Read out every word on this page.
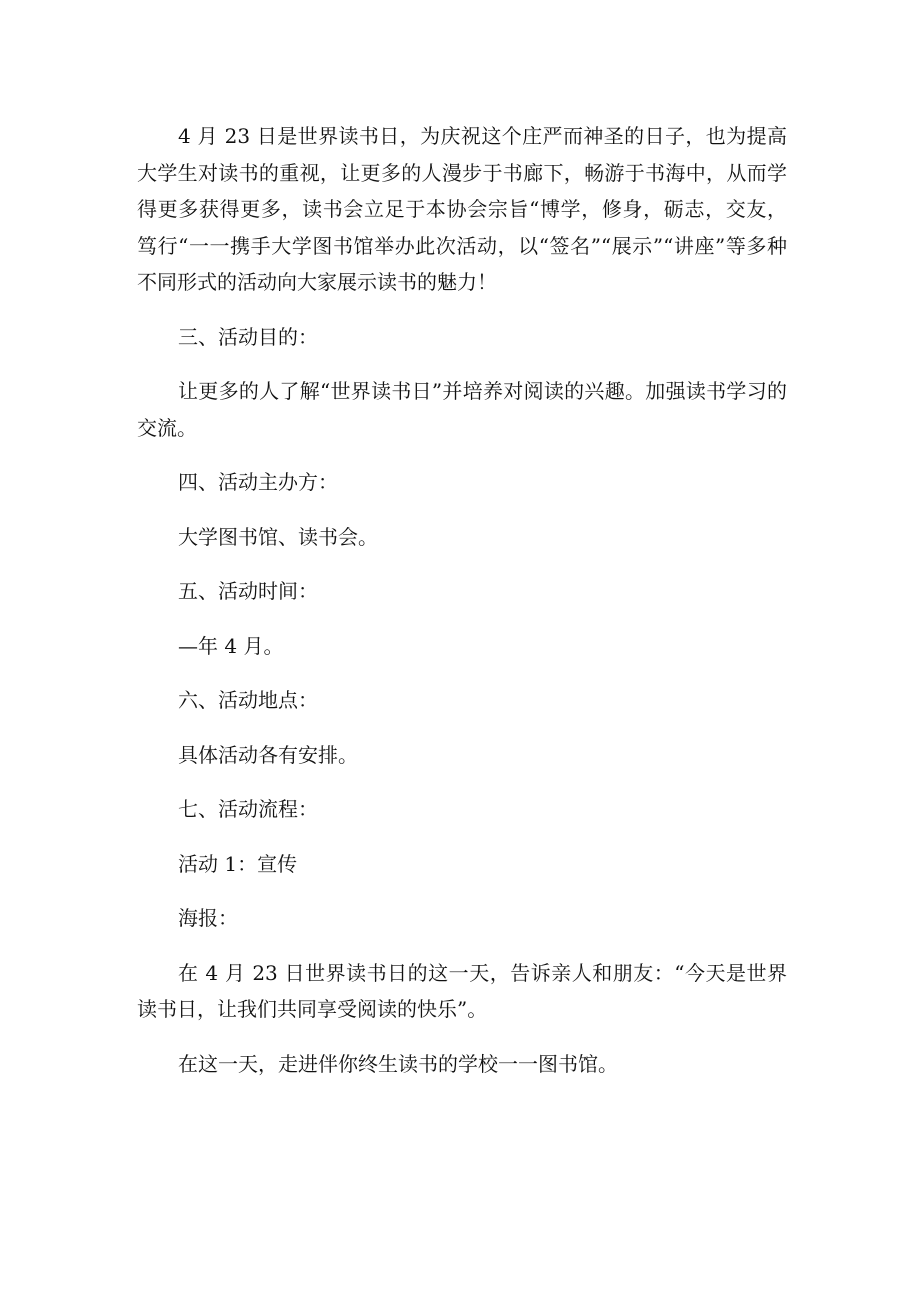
4 月 23 日是世界读书日，为庆祝这个庄严而神圣的日子，也为提高大学生对读书的重视，让更多的人漫步于书廊下，畅游于书海中，从而学得更多获得更多，读书会立足于本协会宗旨“博学，修身，砺志，交友，笃行“一一携手大学图书馆举办此次活动，以“签名”“展示”“讲座”等多种不同形式的活动向大家展示读书的魅力！

三、活动目的：

让更多的人了解“世界读书日”并培养对阅读的兴趣。加强读书学习的交流。

四、活动主办方：

大学图书馆、读书会。

五、活动时间：

—年 4 月。

六、活动地点：

具体活动各有安排。

七、活动流程：

活动 1：宣传

海报：

在 4 月 23 日世界读书日的这一天，告诉亲人和朋友：“今天是世界读书日，让我们共同享受阅读的快乐”。

在这一天，走进伴你终生读书的学校一一图书馆。
